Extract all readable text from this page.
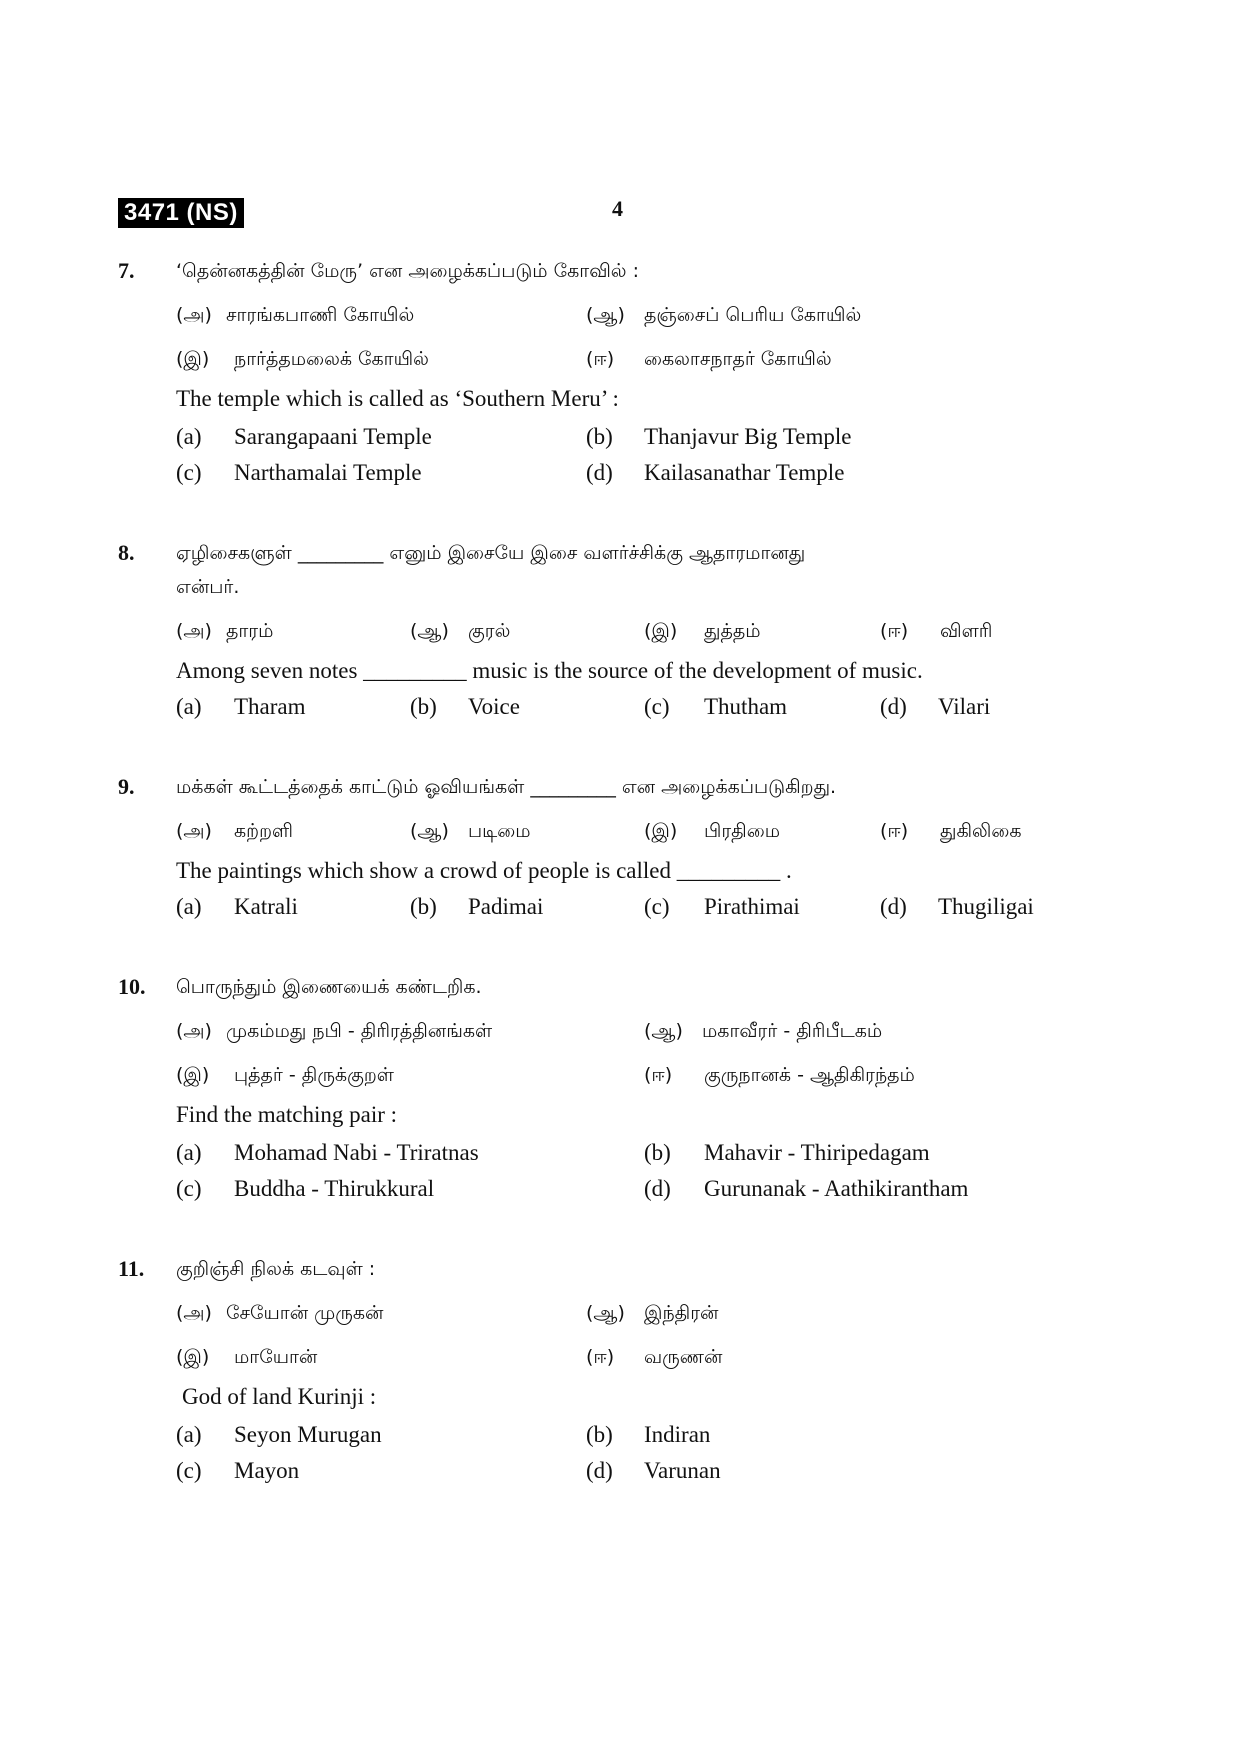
3471 (NS)	4
7. ‘தென்னகத்தின் மேரு’ என அழைக்கப்படும் கோவில் :
(அ) சாரங்கபாணி கோயில்	(ஆ) தஞ்சைப் பெரிய கோயில்
(இ) நார்த்தமலைக் கோயில்	(ஈ) கைலாசநாதர் கோயில்
The temple which is called as ‘Southern Meru’ :
(a) Sarangapaani Temple	(b) Thanjavur Big Temple
(c) Narthamalai Temple	(d) Kailasanathar Temple
8. ஏழிசைகளுள் _________ எனும் இசையே இசை வளர்ச்சிக்கு ஆதாரமானது
என்பர்.
(அ) தாரம்	(ஆ) குரல்	(இ) துத்தம்	(ஈ) விளரி
Among seven notes _________ music is the source of the development of music.
(a) Tharam	(b) Voice	(c) Thutham	(d) Vilari
9. மக்கள் கூட்டத்தைக் காட்டும் ஓவியங்கள் _________ என அழைக்கப்படுகிறது.
(அ) கற்றளி	(ஆ) படிமை	(இ) பிரதிமை	(ஈ) துகிலிகை
The paintings which show a crowd of people is called _________ .
(a) Katrali	(b) Padimai	(c) Pirathimai	(d) Thugiligai
10. பொருந்தும் இணையைக் கண்டறிக.
(அ) முகம்மது நபி - திரிரத்தினங்கள்	(ஆ) மகாவீரர் - திரிபீடகம்
(இ) புத்தர் - திருக்குறள்	(ஈ) குருநானக் - ஆதிகிரந்தம்
Find the matching pair :
(a) Mohamad Nabi - Triratnas	(b) Mahavir - Thiripedagam
(c) Buddha - Thirukkural	(d) Gurunanak - Aathikirantham
11. குறிஞ்சி நிலக் கடவுள் :
(அ) சேயோன் முருகன்	(ஆ) இந்திரன்
(இ) மாயோன்	(ஈ) வருணன்
God of land Kurinji :
(a) Seyon Murugan	(b) Indiran
(c) Mayon	(d) Varunan
